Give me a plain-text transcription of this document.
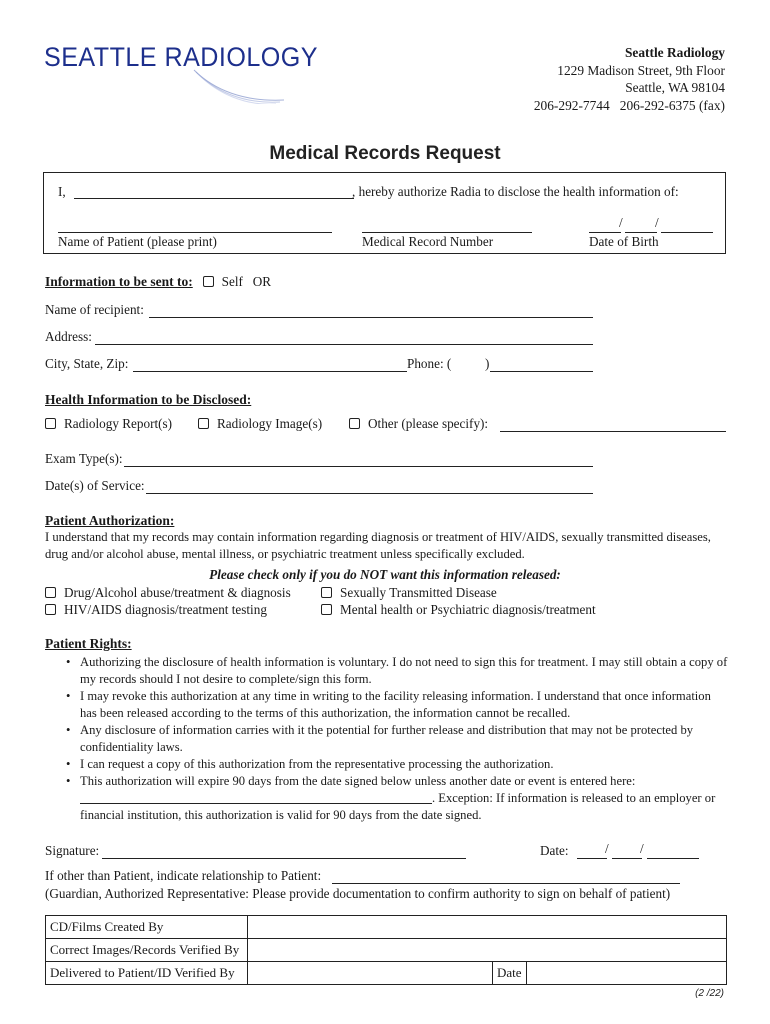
SEATTLE RADIOLOGY	Seattle Radiology
1229 Madison Street, 9th Floor
Seattle, WA 98104
206-292-7744 206-292-6375 (fax)
Medical Records Request
I,	, hereby authorize Radia to disclose the health information of:
/ /
Name of Patient (please print)	Medical Record Number	Date of Birth
Information to be sent to: Self OR
Name of recipient:
Address:
City, State, Zip:	Phone: (	)
Health Information to be Disclosed:
Radiology Report(s)	Radiology Image(s)	Other (please specify):
Exam Type(s):
Date(s) of Service:
Patient Authorization:
I understand that my records may contain information regarding diagnosis or treatment of HIV/AIDS, sexually transmitted diseases, drug and/or alcohol abuse, mental illness, or psychiatric treatment unless specifically excluded.
Please check only if you do NOT want this information released:
Drug/Alcohol abuse/treatment & diagnosis	Sexually Transmitted Disease
HIV/AIDS diagnosis/treatment testing	Mental health or Psychiatric diagnosis/treatment
Patient Rights:
• Authorizing the disclosure of health information is voluntary. I do not need to sign this for treatment. I may still obtain a copy of my records should I not desire to complete/sign this form.
• I may revoke this authorization at any time in writing to the facility releasing information. I understand that once information has been released according to the terms of this authorization, the information cannot be recalled.
• Any disclosure of information carries with it the potential for further release and distribution that may not be protected by confidentiality laws.
• I can request a copy of this authorization from the representative processing the authorization.
• This authorization will expire 90 days from the date signed below unless another date or event is entered here:
. Exception: If information is released to an employer or financial institution, this authorization is valid for 90 days from the date signed.
Signature:	Date:	/ /
If other than Patient, indicate relationship to Patient:
(Guardian, Authorized Representative: Please provide documentation to confirm authority to sign on behalf of patient)
CD/Films Created By			
Correct Images/Records Verified By			
Delivered to Patient/ID Verified By		Date	
(2 /22)
